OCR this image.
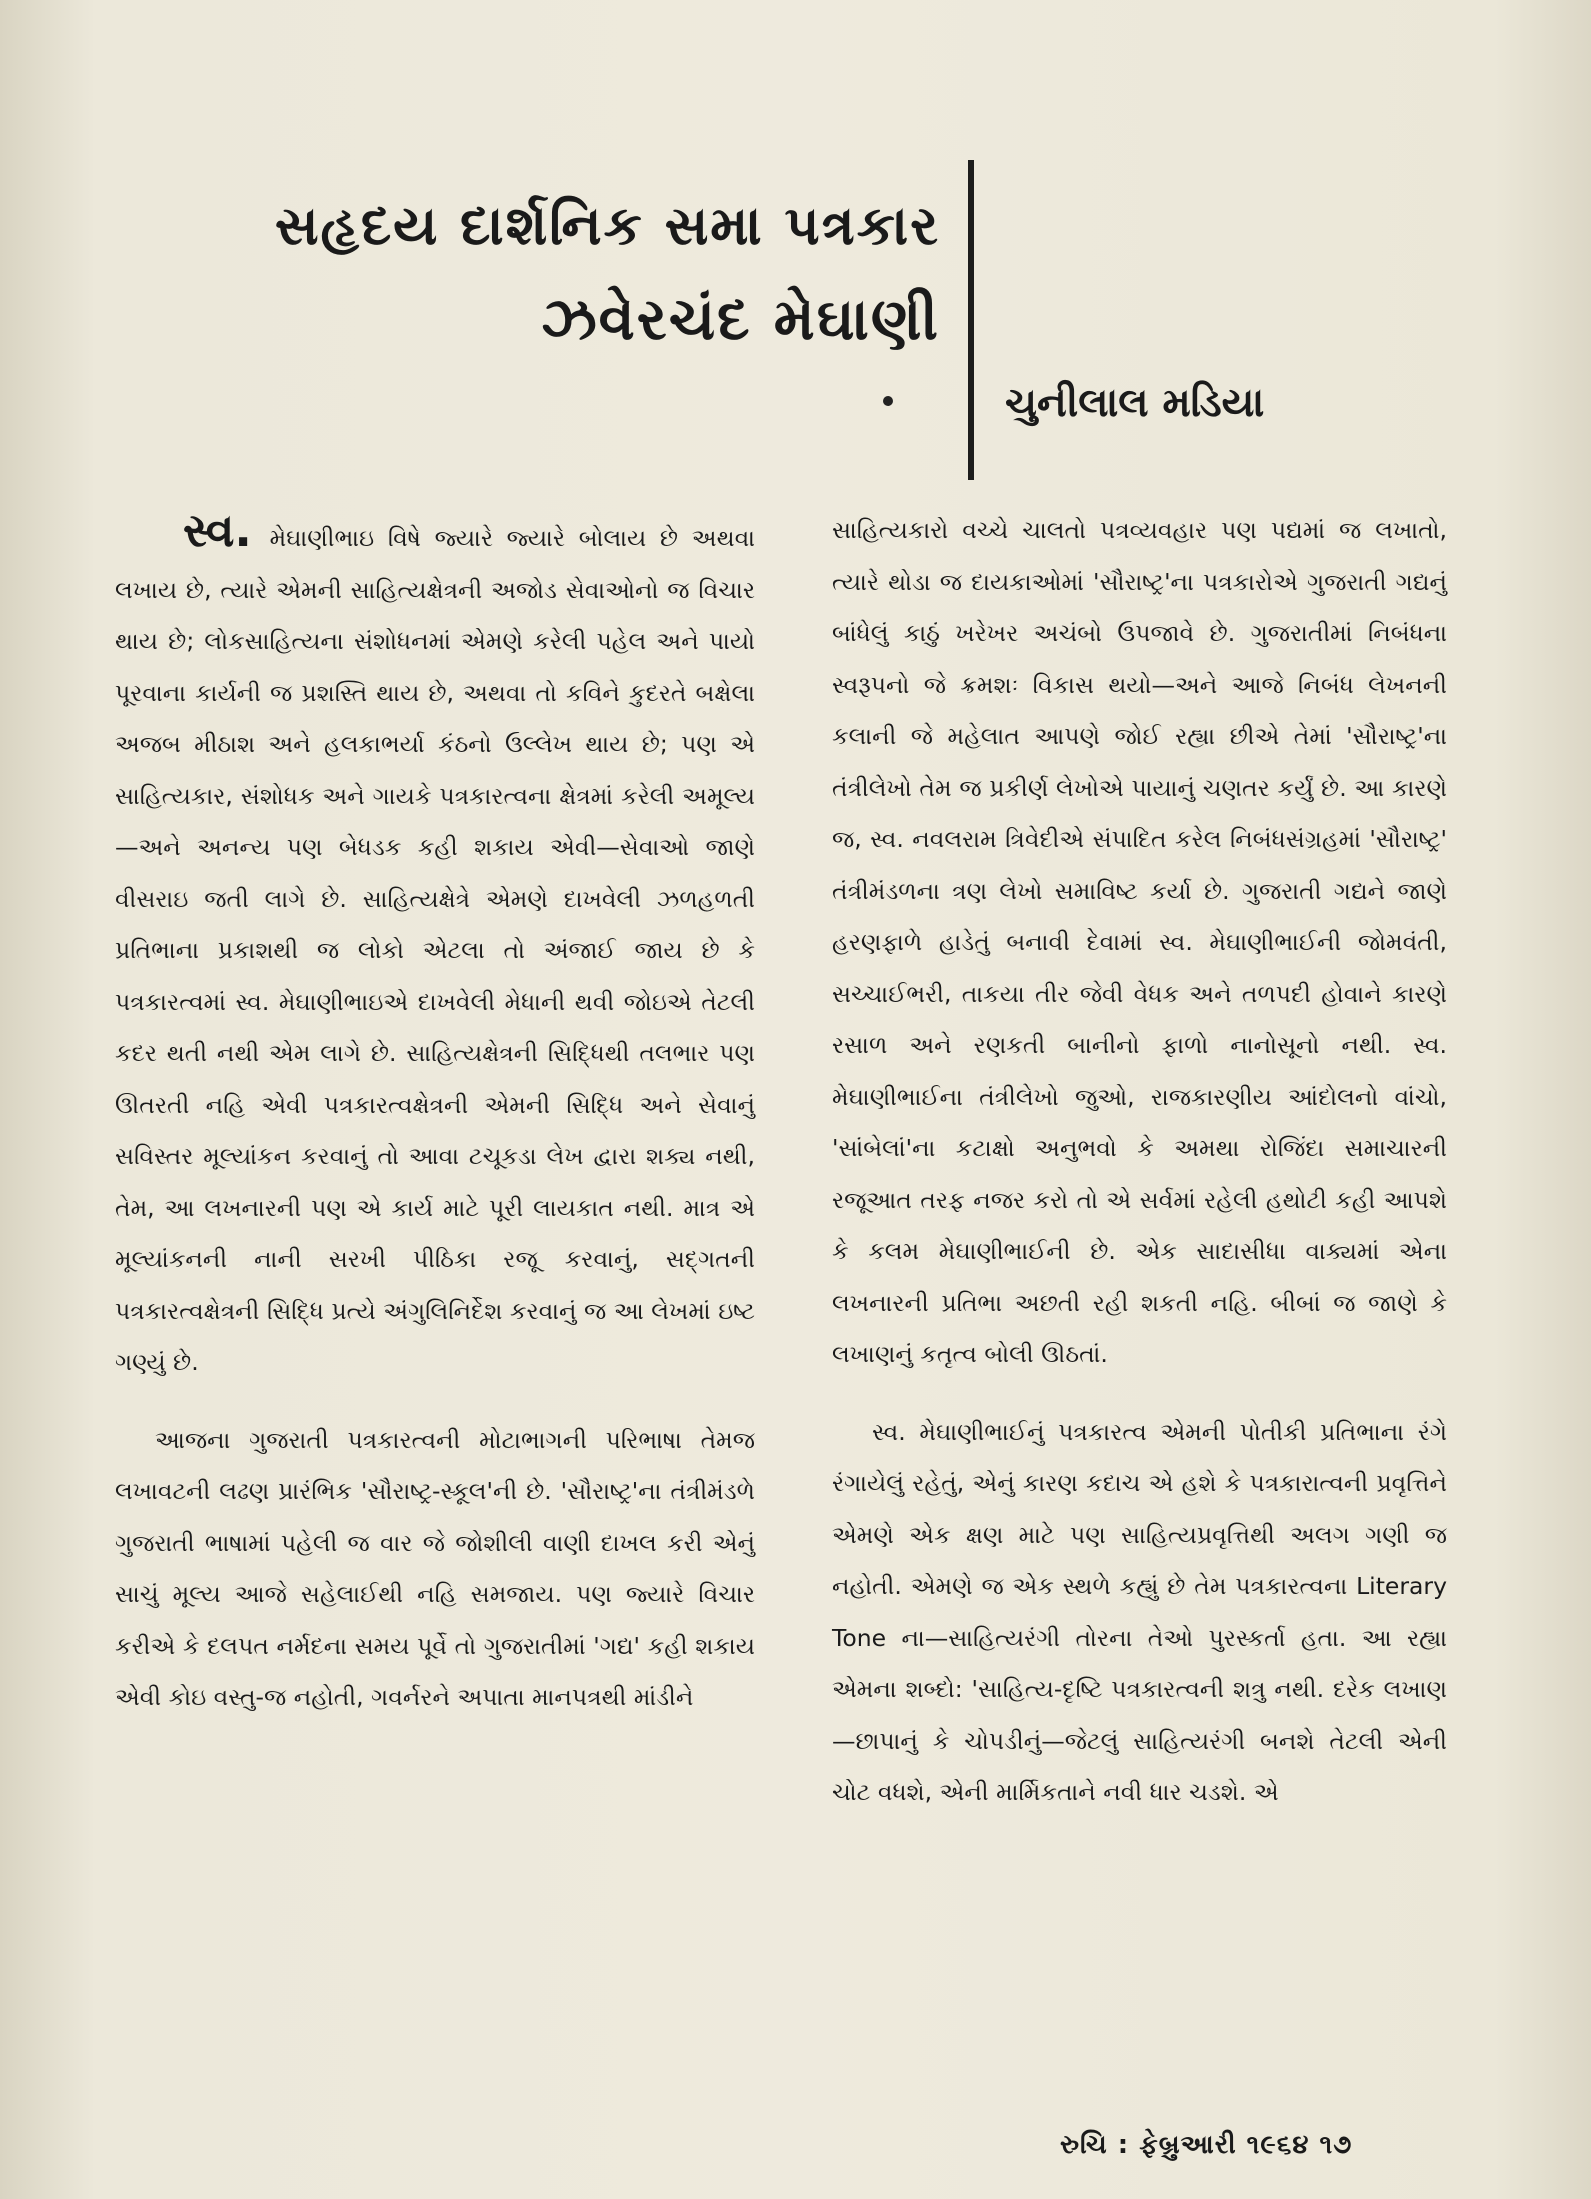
સહૃદય દાર્શનિક સમા પત્રકાર
ઝવેરચંદ મેઘાણી
ચુનીલાલ મડિયા

સ્વ. મેઘાણીભાઇ વિષે જ્યારે જ્યારે બોલાય છે અથવા લખાય છે, ત્યારે એમની સાહિત્યક્ષેત્રની અજોડ સેવાઓનો જ વિચાર થાય છે; લોકસાહિત્યના સંશોધનમાં એમણે કરેલી પહેલ અને પાયો પૂરવાના કાર્યની જ પ્રશસ્તિ થાય છે, અથવા તો કવિને કુદરતે બક્ષેલા અજબ મીઠાશ અને હલકાભર્યા કંઠનો ઉલ્લેખ થાય છે; પણ એ સાહિત્યકાર, સંશોધક અને ગાયકે પત્રકારત્વના ક્ષેત્રમાં કરેલી અમૂલ્ય—અને અનન્ય પણ બેધડક કહી શકાય એવી—સેવાઓ જાણે વીસરાઇ જતી લાગે છે. સાહિત્યક્ષેત્રે એમણે દાખવેલી ઝળહળતી પ્રતિભાના પ્રકાશથી જ લોકો એટલા તો અંજાઈ જાય છે કે પત્રકારત્વમાં સ્વ. મેઘાણીભાઇએ દાખવેલી મેધાની થવી જોઇએ તેટલી કદર થતી નથી એમ લાગે છે. સાહિત્યક્ષેત્રની સિદ્ધિથી તલભાર પણ ઊતરતી નહિ એવી પત્રકારત્વક્ષેત્રની એમની સિદ્ધિ અને સેવાનું સવિસ્તર મૂલ્યાંકન કરવાનું તો આવા ટચૂકડા લેખ દ્વારા શક્ય નથી, તેમ, આ લખનારની પણ એ કાર્ય માટે પૂરી લાયકાત નથી. માત્ર એ મૂલ્યાંકનની નાની સરખી પીઠિકા રજૂ કરવાનું, સદ્ગતની પત્રકારત્વક્ષેત્રની સિદ્ધિ પ્રત્યે અંગુલિનિર્દેશ કરવાનું જ આ લેખમાં ઇષ્ટ ગણ્યું છે.

આજના ગુજરાતી પત્રકારત્વની મોટાભાગની પરિભાષા તેમજ લખાવટની લઢણ પ્રારંભિક 'સૌરાષ્ટ્ર-સ્કૂલ'ની છે. 'સૌરાષ્ટ્ર'ના તંત્રીમંડળે ગુજરાતી ભાષામાં પહેલી જ વાર જે જોશીલી વાણી દાખલ કરી એનું સાચું મૂલ્ય આજે સહેલાઈથી નહિ સમજાય. પણ જ્યારે વિચાર કરીએ કે દલપત નર્મદના સમય પૂર્વે તો ગુજરાતીમાં 'ગદ્ય' કહી શકાય એવી કોઇ વસ્તુ-જ નહોતી, ગવર્નરને અપાતા માનપત્રથી માંડીને

સાહિત્યકારો વચ્ચે ચાલતો પત્રવ્યવહાર પણ પદ્યમાં જ લખાતો, ત્યારે થોડા જ દાયકાઓમાં 'સૌરાષ્ટ્ર'ના પત્રકારોએ ગુજરાતી ગદ્યનું બાંધેલું કાઠું ખરેખર અચંબો ઉપજાવે છે. ગુજરાતીમાં નિબંધના સ્વરૂપનો જે ક્રમશઃ વિકાસ થયો—અને આજે નિબંધ લેખનની કલાની જે મહેલાત આપણે જોઈ રહ્યા છીએ તેમાં 'સૌરાષ્ટ્ર'ના તંત્રીલેખો તેમ જ પ્રકીર્ણ લેખોએ પાયાનું ચણતર કર્યું છે. આ કારણે જ, સ્વ. નવલરામ ત્રિવેદીએ સંપાદિત કરેલ નિબંધસંગ્રહમાં 'સૌરાષ્ટ્ર' તંત્રીમંડળના ત્રણ લેખો સમાવિષ્ટ કર્યા છે. ગુજરાતી ગદ્યને જાણે હરણફાળે હાડેતું બનાવી દેવામાં સ્વ. મેઘાણીભાઈની જોમવંતી, સચ્ચાઈભરી, તાકયા તીર જેવી વેધક અને તળપદી હોવાને કારણે રસાળ અને રણકતી બાનીનો ફાળો નાનોસૂનો નથી. સ્વ. મેઘાણીભાઈના તંત્રીલેખો જુઓ, રાજકારણીય આંદોલનો વાંચો, 'સાંબેલાં'ના કટાક્ષો અનુભવો કે અમથા રોજિંદા સમાચારની રજૂઆત તરફ નજર કરો તો એ સર્વમાં રહેલી હથોટી કહી આપશે કે કલમ મેઘાણીભાઈની છે. એક સાદાસીધા વાક્યમાં એના લખનારની પ્રતિભા અછતી રહી શકતી નહિ. બીબાં જ જાણે કે લખાણનું કતૃત્વ બોલી ઊઠતાં.

સ્વ. મેઘાણીભાઈનું પત્રકારત્વ એમની પોતીકી પ્રતિભાના રંગે રંગાયેલું રહેતું, એનું કારણ કદાચ એ હશે કે પત્રકારાત્વની પ્રવૃત્તિને એમણે એક ક્ષણ માટે પણ સાહિત્યપ્રવૃત્તિથી અલગ ગણી જ નહોતી. એમણે જ એક સ્થળે કહ્યું છે તેમ પત્રકારત્વના Literary Tone ના—સાહિત્યરંગી તોરના તેઓ પુરસ્કર્તા હતા. આ રહ્યા એમના શબ્દો: 'સાહિત્ય-દૃષ્ટિ પત્રકારત્વની શત્રુ નથી. દરેક લખાણ—છાપાનું કે ચોપડીનું—જેટલું સાહિત્યરંગી બનશે તેટલી એની ચોટ વધશે, એની માર્મિકતાને નવી ધાર ચડશે. એ

રુચિ : ફેબ્રુઆરી ૧૯૬૪ ૧૭
